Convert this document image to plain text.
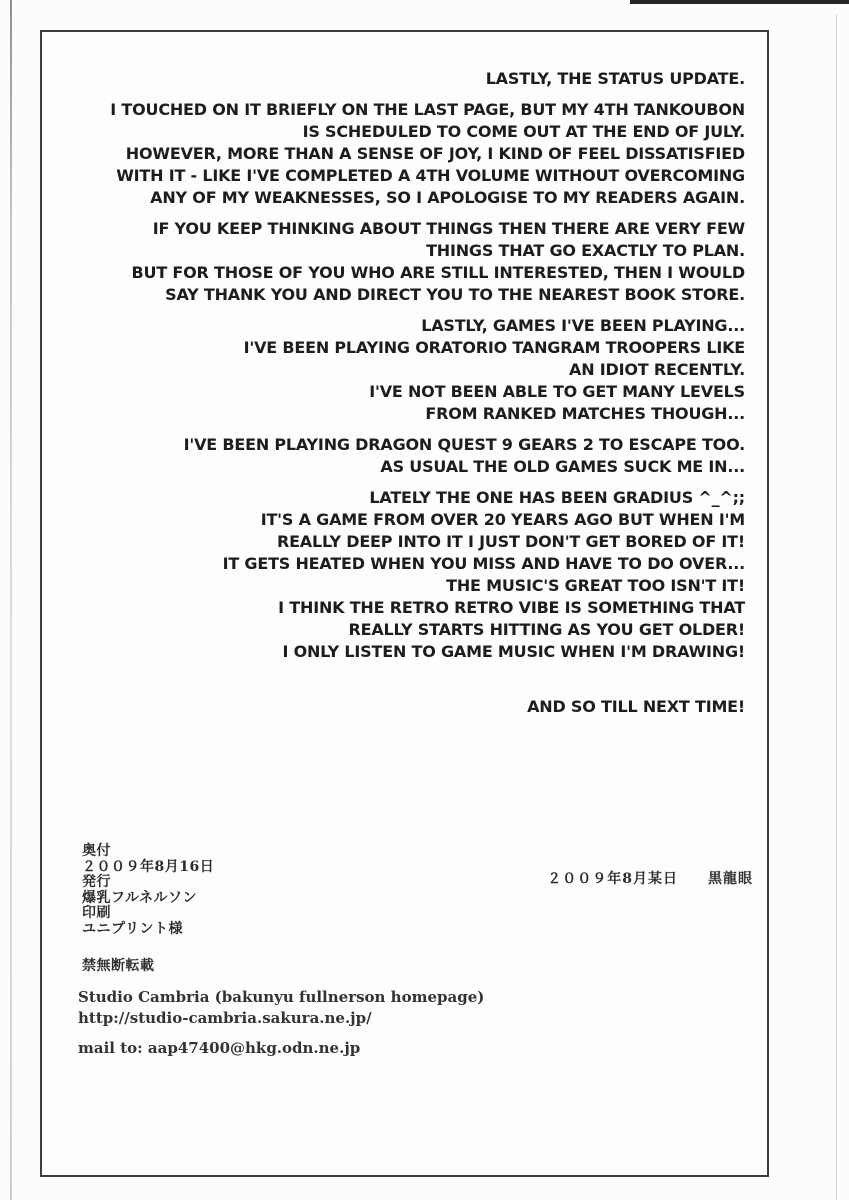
LASTLY, THE STATUS UPDATE.
I TOUCHED ON IT BRIEFLY ON THE LAST PAGE, BUT MY 4TH TANKOUBON
IS SCHEDULED TO COME OUT AT THE END OF JULY.
HOWEVER, MORE THAN A SENSE OF JOY, I KIND OF FEEL DISSATISFIED
WITH IT - LIKE I'VE COMPLETED A 4TH VOLUME WITHOUT OVERCOMING
ANY OF MY WEAKNESSES, SO I APOLOGISE TO MY READERS AGAIN.
IF YOU KEEP THINKING ABOUT THINGS THEN THERE ARE VERY FEW
THINGS THAT GO EXACTLY TO PLAN.
BUT FOR THOSE OF YOU WHO ARE STILL INTERESTED, THEN I WOULD
SAY THANK YOU AND DIRECT YOU TO THE NEAREST BOOK STORE.
LASTLY, GAMES I'VE BEEN PLAYING...
I'VE BEEN PLAYING ORATORIO TANGRAM TROOPERS LIKE
AN IDIOT RECENTLY.
I'VE NOT BEEN ABLE TO GET MANY LEVELS
FROM RANKED MATCHES THOUGH...
I'VE BEEN PLAYING DRAGON QUEST 9 GEARS 2 TO ESCAPE TOO.
AS USUAL THE OLD GAMES SUCK ME IN...
LATELY THE ONE HAS BEEN GRADIUS ^_^;;
IT'S A GAME FROM OVER 20 YEARS AGO BUT WHEN I'M
REALLY DEEP INTO IT I JUST DON'T GET BORED OF IT!
IT GETS HEATED WHEN YOU MISS AND HAVE TO DO OVER...
THE MUSIC'S GREAT TOO ISN'T IT!
I THINK THE RETRO RETRO VIBE IS SOMETHING THAT
REALLY STARTS HITTING AS YOU GET OLDER!
I ONLY LISTEN TO GAME MUSIC WHEN I'M DRAWING!
AND SO TILL NEXT TIME!
奥付
２００９年8月16日
発行
爆乳フルネルソン
印刷
ユニプリント様
禁無断転載
２００９年8月某日 黒龍眼
Studio Cambria (bakunyu fullnerson homepage)
http://studio-cambria.sakura.ne.jp/
mail to: aap47400@hkg.odn.ne.jp
